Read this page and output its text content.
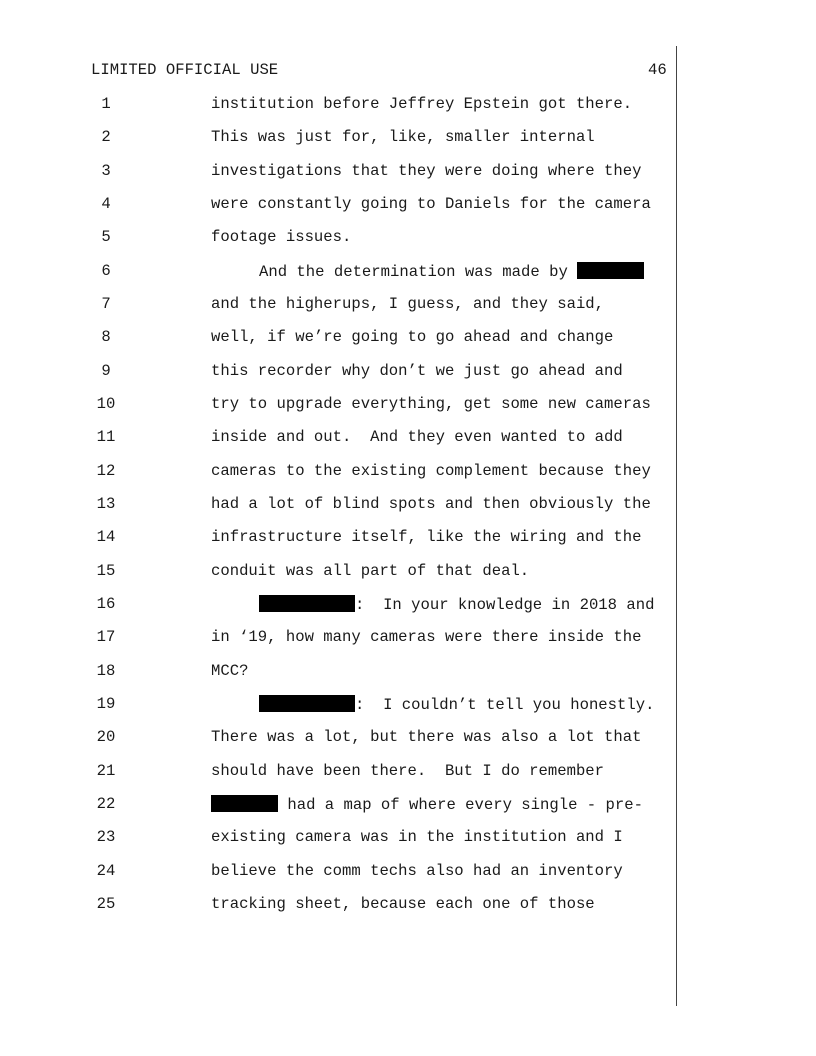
LIMITED OFFICIAL USE	46
1	institution before Jeffrey Epstein got there.
2	This was just for, like, smaller internal
3	investigations that they were doing where they
4	were constantly going to Daniels for the camera
5	footage issues.
6	And the determination was made by
7	and the higherups, I guess, and they said,
8	well, if we’re going to go ahead and change
9	this recorder why don’t we just go ahead and
10	try to upgrade everything, get some new cameras
11	inside and out.  And they even wanted to add
12	cameras to the existing complement because they
13	had a lot of blind spots and then obviously the
14	infrastructure itself, like the wiring and the
15	conduit was all part of that deal.
16	:  In your knowledge in 2018 and
17	in ‘19, how many cameras were there inside the
18	MCC?
19	:  I couldn’t tell you honestly.
20	There was a lot, but there was also a lot that
21	should have been there.  But I do remember
22	had a map of where every single - pre-
23	existing camera was in the institution and I
24	believe the comm techs also had an inventory
25	tracking sheet, because each one of those
